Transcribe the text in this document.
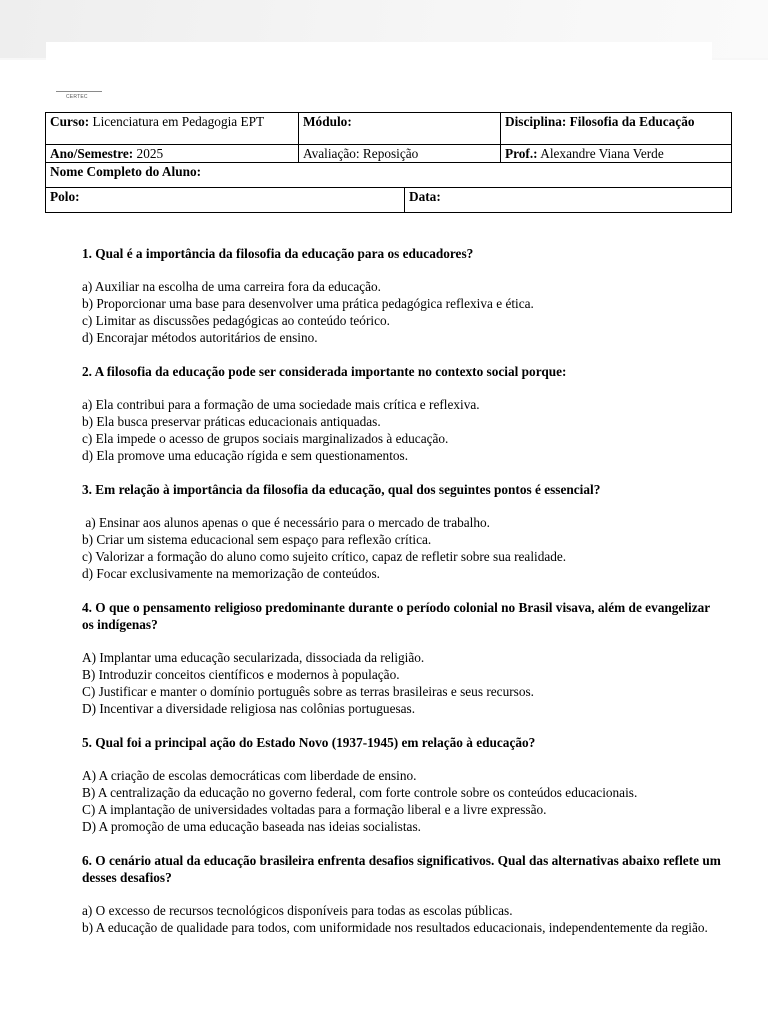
CERTEC
Curso: Licenciatura em Pedagogia EPT	Módulo:	Disciplina: Filosofia da Educação
Ano/Semestre: 2025	Avaliação: Reposição	Prof.: Alexandre Viana Verde
Nome Completo do Aluno:		
Polo:	Data:

1. Qual é a importância da filosofia da educação para os educadores?

a) Auxiliar na escolha de uma carreira fora da educação.
b) Proporcionar uma base para desenvolver uma prática pedagógica reflexiva e ética.
c) Limitar as discussões pedagógicas ao conteúdo teórico.
d) Encorajar métodos autoritários de ensino.

2. A filosofia da educação pode ser considerada importante no contexto social porque:

a) Ela contribui para a formação de uma sociedade mais crítica e reflexiva.
b) Ela busca preservar práticas educacionais antiquadas.
c) Ela impede o acesso de grupos sociais marginalizados à educação.
d) Ela promove uma educação rígida e sem questionamentos.

3. Em relação à importância da filosofia da educação, qual dos seguintes pontos é essencial?

a) Ensinar aos alunos apenas o que é necessário para o mercado de trabalho.
b) Criar um sistema educacional sem espaço para reflexão crítica.
c) Valorizar a formação do aluno como sujeito crítico, capaz de refletir sobre sua realidade.
d) Focar exclusivamente na memorização de conteúdos.

4. O que o pensamento religioso predominante durante o período colonial no Brasil visava, além de evangelizar os indígenas?

A) Implantar uma educação secularizada, dissociada da religião.
B) Introduzir conceitos científicos e modernos à população.
C) Justificar e manter o domínio português sobre as terras brasileiras e seus recursos.
D) Incentivar a diversidade religiosa nas colônias portuguesas.

5. Qual foi a principal ação do Estado Novo (1937-1945) em relação à educação?

A) A criação de escolas democráticas com liberdade de ensino.
B) A centralização da educação no governo federal, com forte controle sobre os conteúdos educacionais.
C) A implantação de universidades voltadas para a formação liberal e a livre expressão.
D) A promoção de uma educação baseada nas ideias socialistas.

6. O cenário atual da educação brasileira enfrenta desafios significativos. Qual das alternativas abaixo reflete um desses desafios?

a) O excesso de recursos tecnológicos disponíveis para todas as escolas públicas.
b) A educação de qualidade para todos, com uniformidade nos resultados educacionais, independentemente da região.
